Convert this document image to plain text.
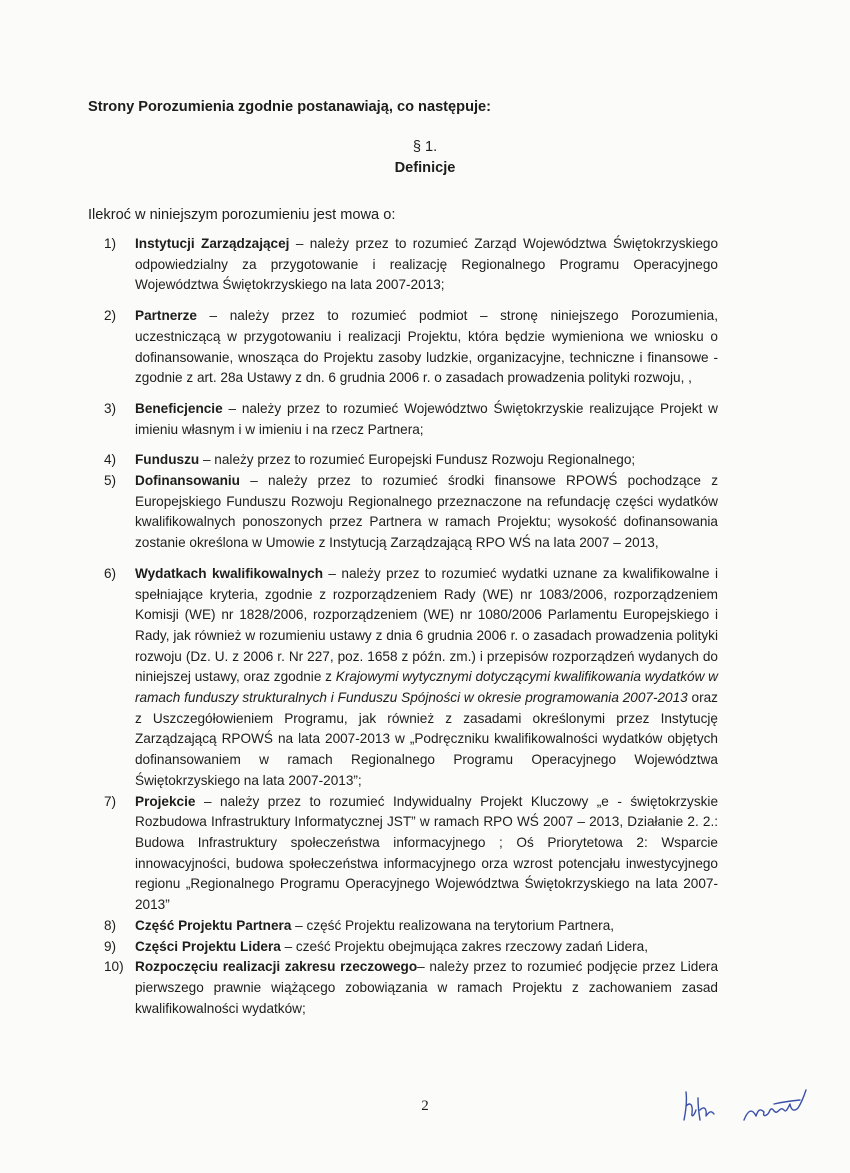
Strony Porozumienia zgodnie postanawiają, co następuje:
§ 1.
Definicje
Ilekroć w niniejszym porozumieniu jest mowa o:
1) Instytucji Zarządzającej – należy przez to rozumieć Zarząd Województwa Świętokrzyskiego odpowiedzialny za przygotowanie i realizację Regionalnego Programu Operacyjnego Województwa Świętokrzyskiego na lata 2007-2013;
2) Partnerze – należy przez to rozumieć podmiot – stronę niniejszego Porozumienia, uczestniczącą w przygotowaniu i realizacji Projektu, która będzie wymieniona we wniosku o dofinansowanie, wnosząca do Projektu zasoby ludzkie, organizacyjne, techniczne i finansowe - zgodnie z art. 28a Ustawy z dn. 6 grudnia 2006 r. o zasadach prowadzenia polityki rozwoju, ,
3) Beneficjencie – należy przez to rozumieć Województwo Świętokrzyskie realizujące Projekt w imieniu własnym i w imieniu i na rzecz Partnera;
4) Funduszu – należy przez to rozumieć Europejski Fundusz Rozwoju Regionalnego;
5) Dofinansowaniu – należy przez to rozumieć środki finansowe RPOWŚ pochodzące z Europejskiego Funduszu Rozwoju Regionalnego przeznaczone na refundację części wydatków kwalifikowalnych ponoszonych przez Partnera w ramach Projektu; wysokość dofinansowania zostanie określona w Umowie z Instytucją Zarządzającą RPO WŚ na lata 2007 – 2013,
6) Wydatkach kwalifikowalnych – należy przez to rozumieć wydatki uznane za kwalifikowalne i spełniające kryteria, zgodnie z rozporządzeniem Rady (WE) nr 1083/2006, rozporządzeniem Komisji (WE) nr 1828/2006, rozporządzeniem (WE) nr 1080/2006 Parlamentu Europejskiego i Rady, jak również w rozumieniu ustawy z dnia 6 grudnia 2006 r. o zasadach prowadzenia polityki rozwoju (Dz. U. z 2006 r. Nr 227, poz. 1658 z późn. zm.) i przepisów rozporządzeń wydanych do niniejszej ustawy, oraz zgodnie z Krajowymi wytycznymi dotyczącymi kwalifikowania wydatków w ramach funduszy strukturalnych i Funduszu Spójności w okresie programowania 2007-2013 oraz z Uszczegółowieniem Programu, jak również z zasadami określonymi przez Instytucję Zarządzającą RPOWŚ na lata 2007-2013 w „Podręczniku kwalifikowalności wydatków objętych dofinansowaniem w ramach Regionalnego Programu Operacyjnego Województwa Świętokrzyskiego na lata 2007-2013”;
7) Projekcie – należy przez to rozumieć Indywidualny Projekt Kluczowy „e - świętokrzyskie Rozbudowa Infrastruktury Informatycznej JST” w ramach RPO WŚ 2007 – 2013, Działanie 2. 2.: Budowa Infrastruktury społeczeństwa informacyjnego ; Oś Priorytetowa 2: Wsparcie innowacyjności, budowa społeczeństwa informacyjnego orza wzrost potencjału inwestycyjnego regionu „Regionalnego Programu Operacyjnego Województwa Świętokrzyskiego na lata 2007-2013”
8) Część Projektu Partnera – część Projektu realizowana na terytorium Partnera,
9) Części Projektu Lidera – cześć Projektu obejmująca zakres rzeczowy zadań Lidera,
10) Rozpoczęciu realizacji zakresu rzeczowego– należy przez to rozumieć podjęcie przez Lidera pierwszego prawnie wiążącego zobowiązania w ramach Projektu z zachowaniem zasad kwalifikowalności wydatków;
2
